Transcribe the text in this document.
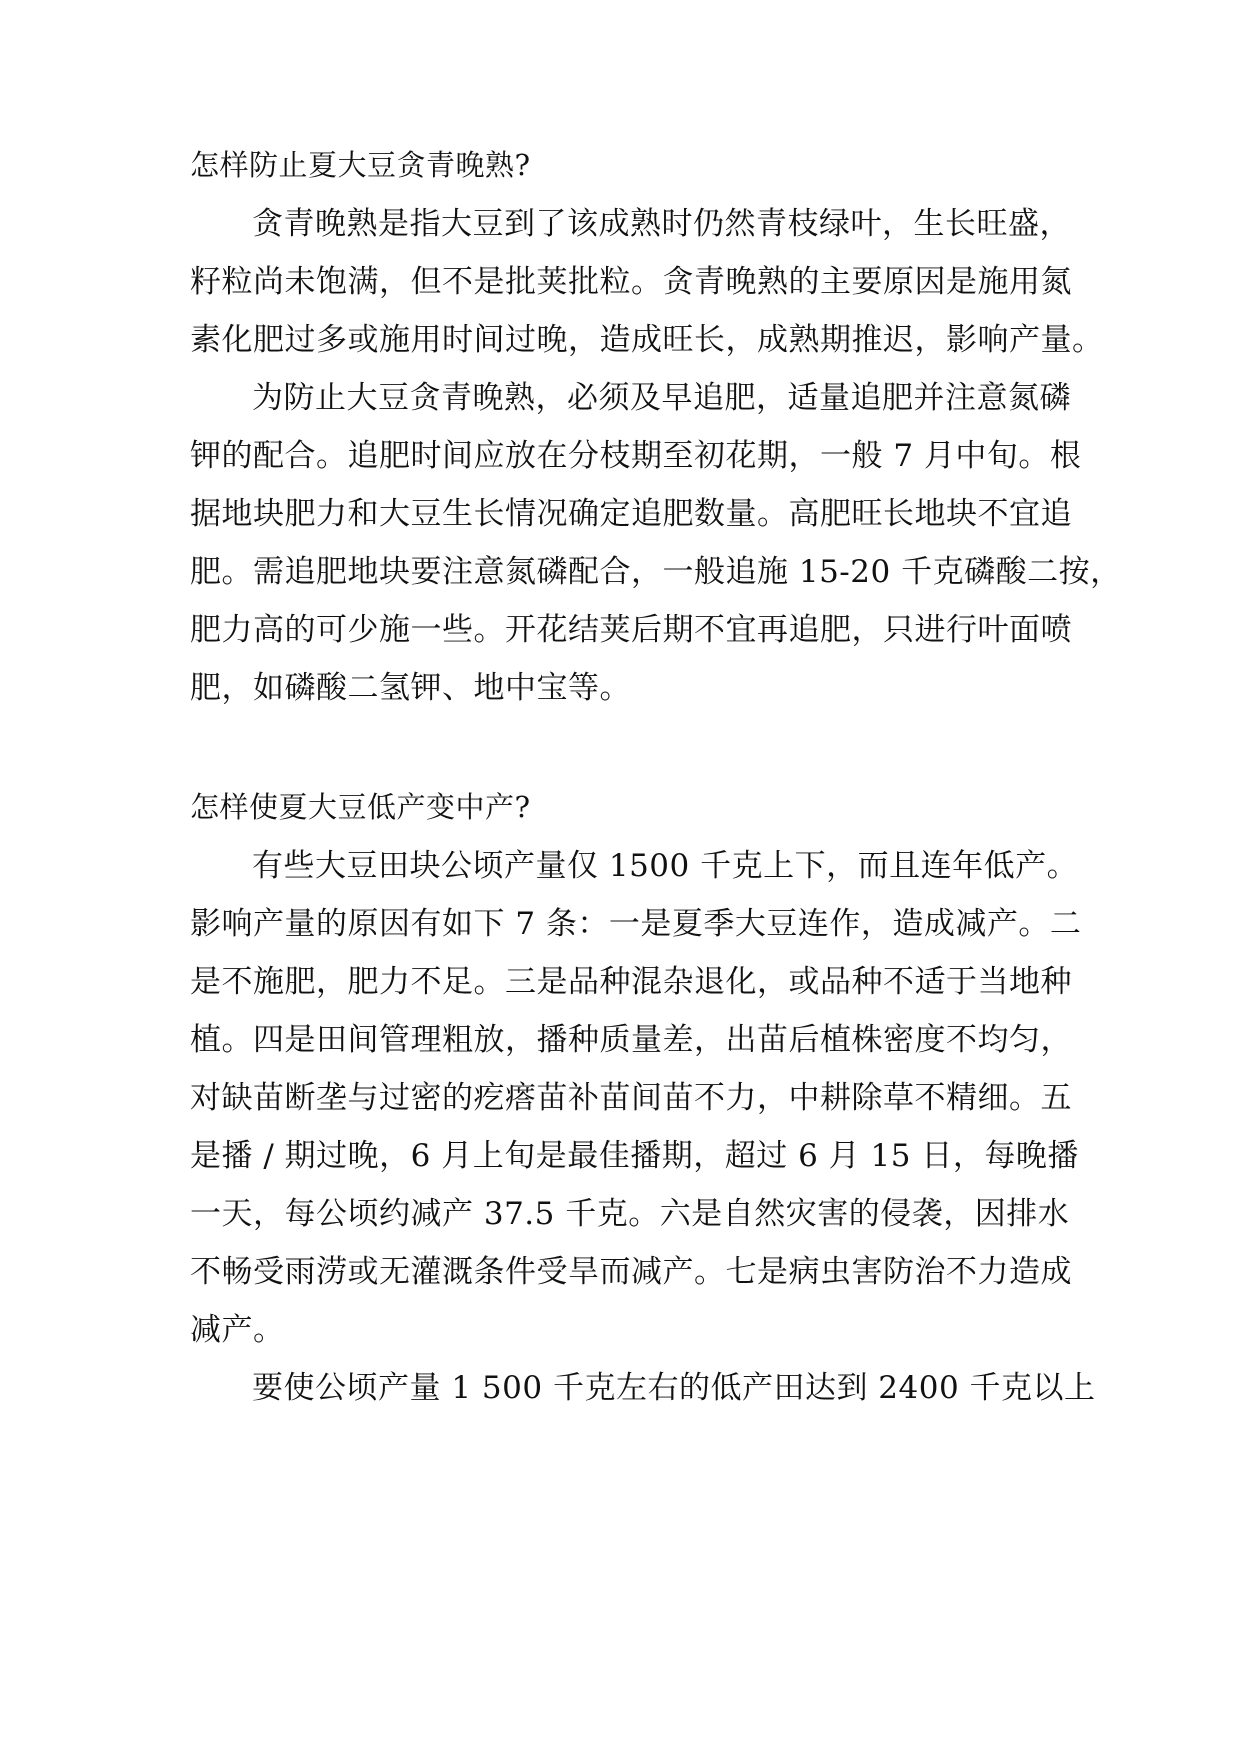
怎样防止夏大豆贪青晚熟?
贪青晚熟是指大豆到了该成熟时仍然青枝绿叶，生长旺盛，
籽粒尚未饱满，但不是批荚批粒。贪青晚熟的主要原因是施用氮
素化肥过多或施用时间过晚，造成旺长，成熟期推迟，影响产量。
为防止大豆贪青晚熟，必须及早追肥，适量追肥并注意氮磷
钾的配合。追肥时间应放在分枝期至初花期，一般 7 月中旬。根
据地块肥力和大豆生长情况确定追肥数量。高肥旺长地块不宜追
肥。需追肥地块要注意氮磷配合，一般追施 15-20 千克磷酸二按，
肥力高的可少施一些。开花结荚后期不宜再追肥，只进行叶面喷
肥，如磷酸二氢钾、地中宝等。
怎样使夏大豆低产变中产?
有些大豆田块公顷产量仅 1500 千克上下，而且连年低产。
影响产量的原因有如下 7 条：一是夏季大豆连作，造成减产。二
是不施肥，肥力不足。三是品种混杂退化，或品种不适于当地种
植。四是田间管理粗放，播种质量差，出苗后植株密度不均匀，
对缺苗断垄与过密的疙瘩苗补苗间苗不力，中耕除草不精细。五
是播 / 期过晚，6 月上旬是最佳播期，超过 6 月 15 日，每晚播
一天，每公顷约减产 37.5 千克。六是自然灾害的侵袭，因排水
不畅受雨涝或无灌溉条件受旱而减产。七是病虫害防治不力造成
减产。
要使公顷产量 1 500 千克左右的低产田达到 2400 千克以上
